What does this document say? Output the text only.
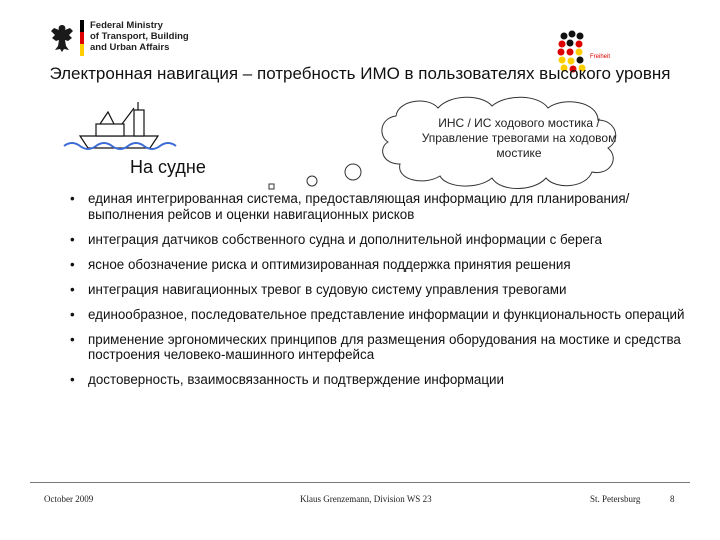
Federal Ministry
of Transport, Building
and Urban Affairs
Freiheit
Электронная навигация – потребность ИМО в пользователях высокого уровня
На судне
ИНС / ИС ходового мостика / Управление тревогами на ходовом мостике
• единая интегрированная система, предоставляющая информацию для планирования/выполнения рейсов и оценки навигационных рисков
• интеграция датчиков собственного судна и дополнительной информации с берега
• ясное обозначение риска и оптимизированная поддержка принятия решения
• интеграция навигационных тревог в судовую систему управления тревогами
• единообразное, последовательное представление информации и функциональность операций
• применение эргономических принципов для размещения оборудования на мостике и средства построения человеко-машинного интерфейса
• достоверность, взаимосвязанность и подтверждение информации
October 2009	Klaus Grenzemann, Division WS 23	St. Petersburg	8
